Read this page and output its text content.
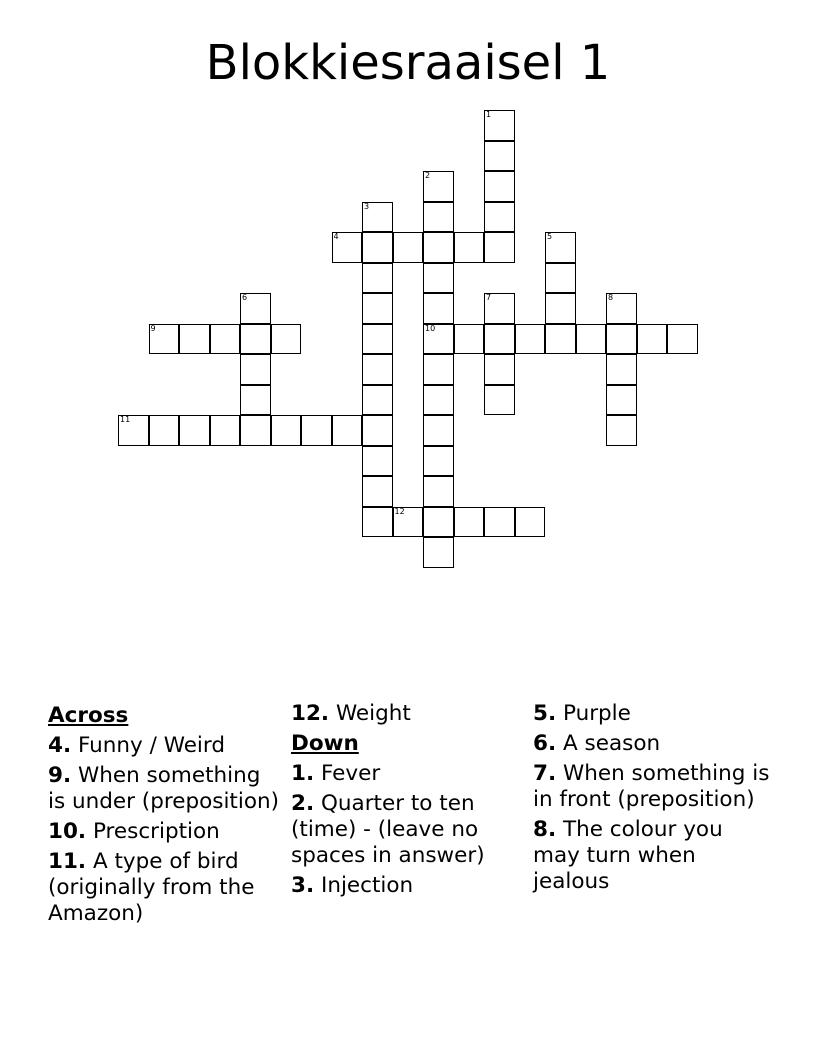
Blokkiesraaisel 1
1
2
10
3
4	5
6	7	8
9
11
12
Across
4. Funny / Weird
9. When something is under (preposition)
10. Prescription
11. A type of bird (originally from the Amazon)
12. Weight
Down
1. Fever
2. Quarter to ten (time) - (leave no spaces in answer)
3. Injection
5. Purple
6. A season
7. When something is in front (preposition)
8. The colour you may turn when jealous
